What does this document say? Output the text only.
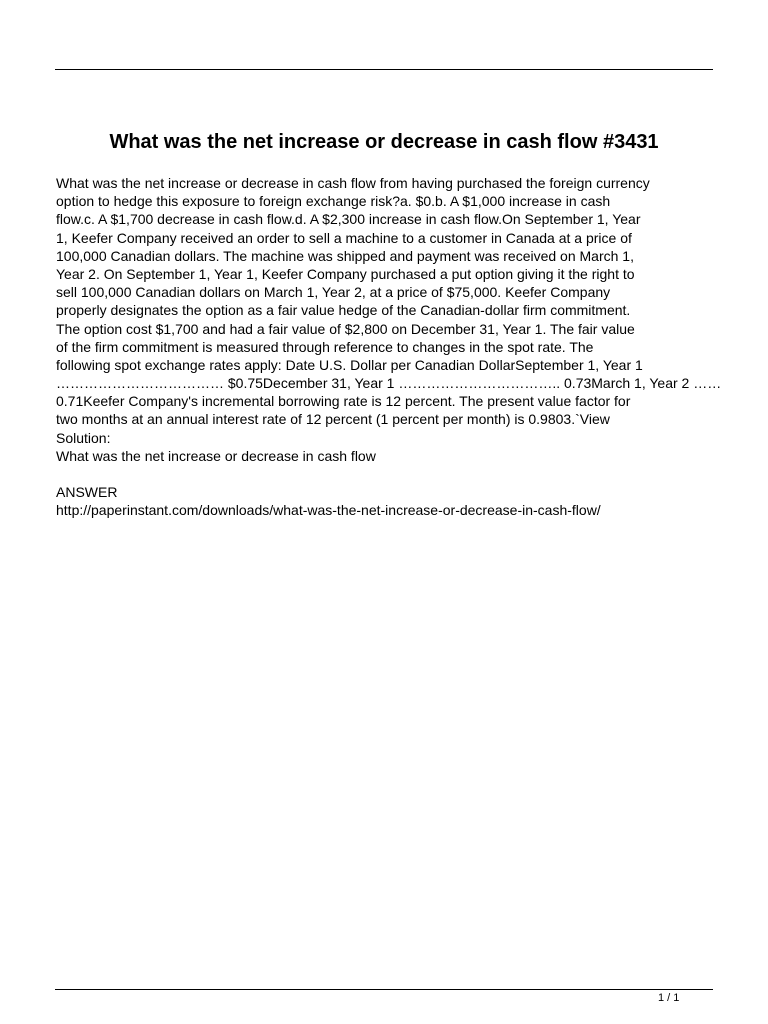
What was the net increase or decrease in cash flow #3431
What was the net increase or decrease in cash flow from having purchased the foreign currency
option to hedge this exposure to foreign exchange risk?a. $0.b. A $1,000 increase in cash
flow.c. A $1,700 decrease in cash flow.d. A $2,300 increase in cash flow.On September 1, Year
1, Keefer Company received an order to sell a machine to a customer in Canada at a price of
100,000 Canadian dollars. The machine was shipped and payment was received on March 1,
Year 2. On September 1, Year 1, Keefer Company purchased a put option giving it the right to
sell 100,000 Canadian dollars on March 1, Year 2, at a price of $75,000. Keefer Company
properly designates the option as a fair value hedge of the Canadian-dollar firm commitment.
The option cost $1,700 and had a fair value of $2,800 on December 31, Year 1. The fair value
of the firm commitment is measured through reference to changes in the spot rate. The
following spot exchange rates apply: Date U.S. Dollar per Canadian DollarSeptember 1, Year 1
……………………………… $0.75December 31, Year 1 …………………………….. 0.73March 1, Year 2 ……
0.71Keefer Company's incremental borrowing rate is 12 percent. The present value factor for
two months at an annual interest rate of 12 percent (1 percent per month) is 0.9803.`View
Solution:
What was the net increase or decrease in cash flow
ANSWER
http://paperinstant.com/downloads/what-was-the-net-increase-or-decrease-in-cash-flow/
1 / 1
